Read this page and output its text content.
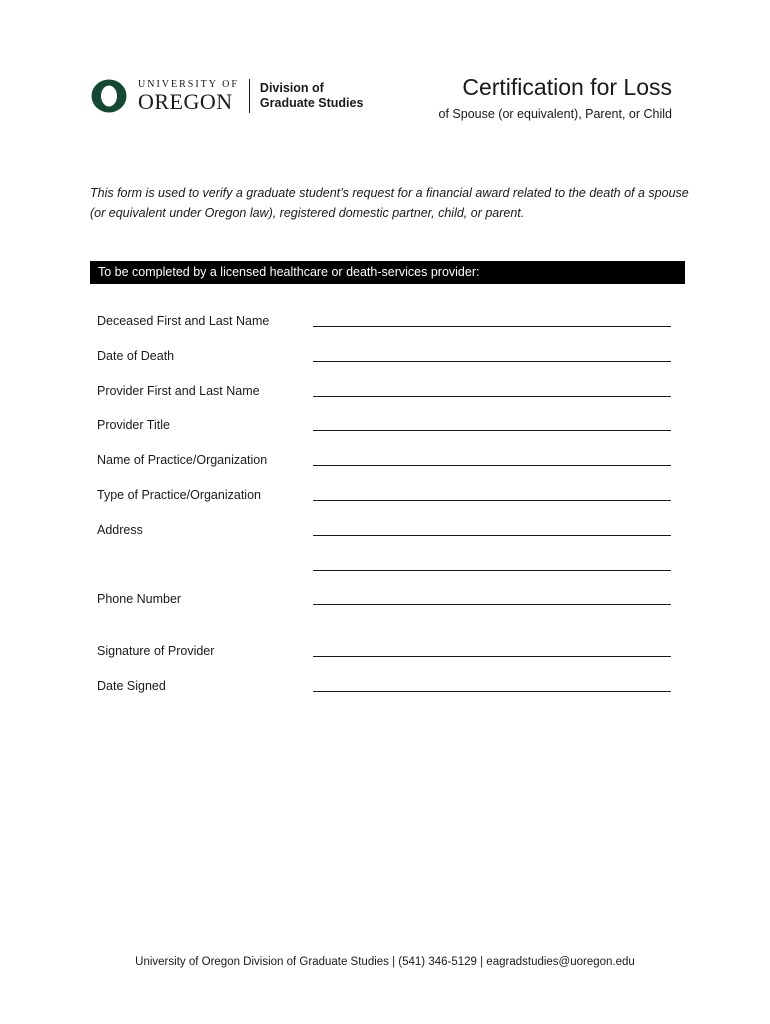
UNIVERSITY OF
OREGON
Division of
Graduate Studies
Certification for Loss
of Spouse (or equivalent), Parent, or Child
This form is used to verify a graduate student’s request for a financial award related to the death of a spouse (or equivalent under Oregon law), registered domestic partner, child, or parent.
To be completed by a licensed healthcare or death-services provider:
Deceased First and Last Name
Date of Death
Provider First and Last Name
Provider Title
Name of Practice/Organization
Type of Practice/Organization
Address
Phone Number
Signature of Provider
Date Signed
University of Oregon Division of Graduate Studies | (541) 346-5129 | eagradstudies@uoregon.edu
